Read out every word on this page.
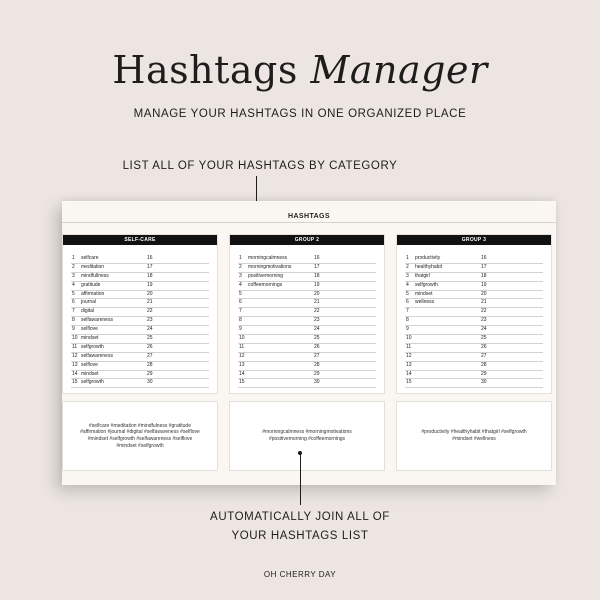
Hashtags Manager
MANAGE YOUR HASHTAGS IN ONE ORGANIZED PLACE
LIST ALL OF YOUR HASHTAGS BY CATEGORY
HASHTAGS
SELF-CARE
1 selfcare	16
2 meditation	17
3 mindfullness	18
4 gratitude	19
5 affirmation	20
6 journal	21
7 digital	22
8 selfawareness	23
9 selflove	24
10 mindset	25
11 selfgrowth	26
12 selfawareness	27
13 selflove	28
14 mindset	29
15 selfgrowth	30
GROUP 2
1 morningcalmness	16
2 morningmotivations	17
3 positivemorning	18
4 coffeemornings	19
5	20
6	21
7	22
8	23
9	24
10	25
11	26
12	27
13	28
14	29
15	30
GROUP 3
1 productivity	16
2 healthyhabit	17
3 thatgirl	18
4 selfgrowth	19
5 mindset	20
6 wellness	21
7	22
8	23
9	24
10	25
11	26
12	27
13	28
14	29
15	30
#selfcare #meditation #mindfulness #gratitude #affirmation #journal #digital #selfawareness #selflove #mindset #selfgrowth #selfawareness #selflove #mindset #selfgrowth
#morningcalmness #morningmotivations #positivemorning #coffeemornings
#productivity #healthyhabit #thatgirl #selfgrowth #mindset #wellness
AUTOMATICALLY JOIN ALL OF
YOUR HASHTAGS LIST
OH CHERRY DAY
